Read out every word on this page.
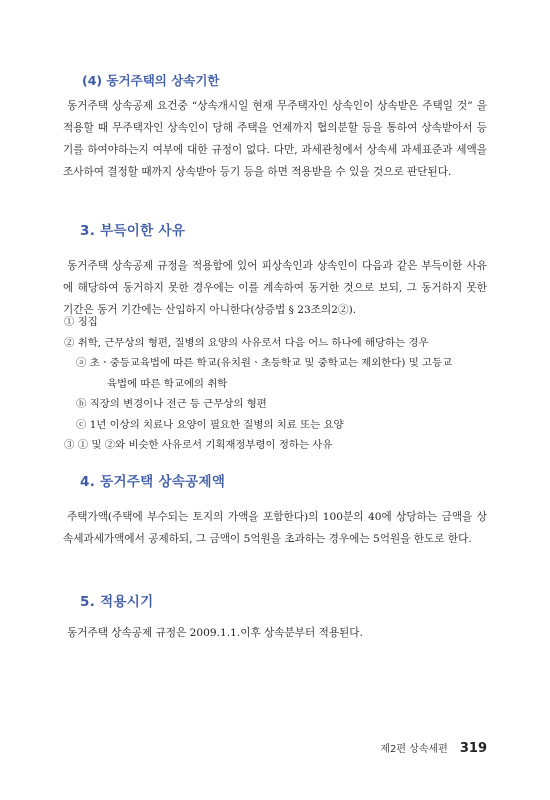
(4) 동거주택의 상속기한

동거주택 상속공제 요건중 “상속개시일 현재 무주택자인 상속인이 상속받은 주택일 것” 을 적용할 때 무주택자인 상속인이 당해 주택을 언제까지 협의분할 등을 통하여 상속받아서 등기를 하여야하는지 여부에 대한 규정이 없다. 다만, 과세관청에서 상속세 과세표준과 세액을 조사하여 결정할 때까지 상속받아 등기 등을 하면 적용받을 수 있을 것으로 판단된다.

3. 부득이한 사유

동거주택 상속공제 규정을 적용함에 있어 피상속인과 상속인이 다음과 같은 부득이한 사유에 해당하여 동거하지 못한 경우에는 이를 계속하여 동거한 것으로 보되, 그 동거하지 못한 기간은 동거 기간에는 산입하지 아니한다(상증법 § 23조의2②).

① 징집
② 취학, 근무상의 형편, 질병의 요양의 사유로서 다음 어느 하나에 해당하는 경우
ⓐ 초ㆍ중등교육법에 따른 학교(유치원ㆍ초등학교 및 중학교는 제외한다) 및 고등교
육법에 따른 학교에의 취학
ⓑ 직장의 변경이나 전근 등 근무상의 형편
ⓒ 1년 이상의 치료나 요양이 필요한 질병의 치료 또는 요양
③ ① 및 ②와 비슷한 사유로서 기획재정부령이 정하는 사유
4. 동거주택 상속공제액

주택가액(주택에 부수되는 토지의 가액을 포함한다)의 100분의 40에 상당하는 금액을 상속세과세가액에서 공제하되, 그 금액이 5억원을 초과하는 경우에는 5억원을 한도로 한다.

5. 적용시기

동거주택 상속공제 규정은 2009.1.1.이후 상속분부터 적용된다.

제2편 상속세편 319
